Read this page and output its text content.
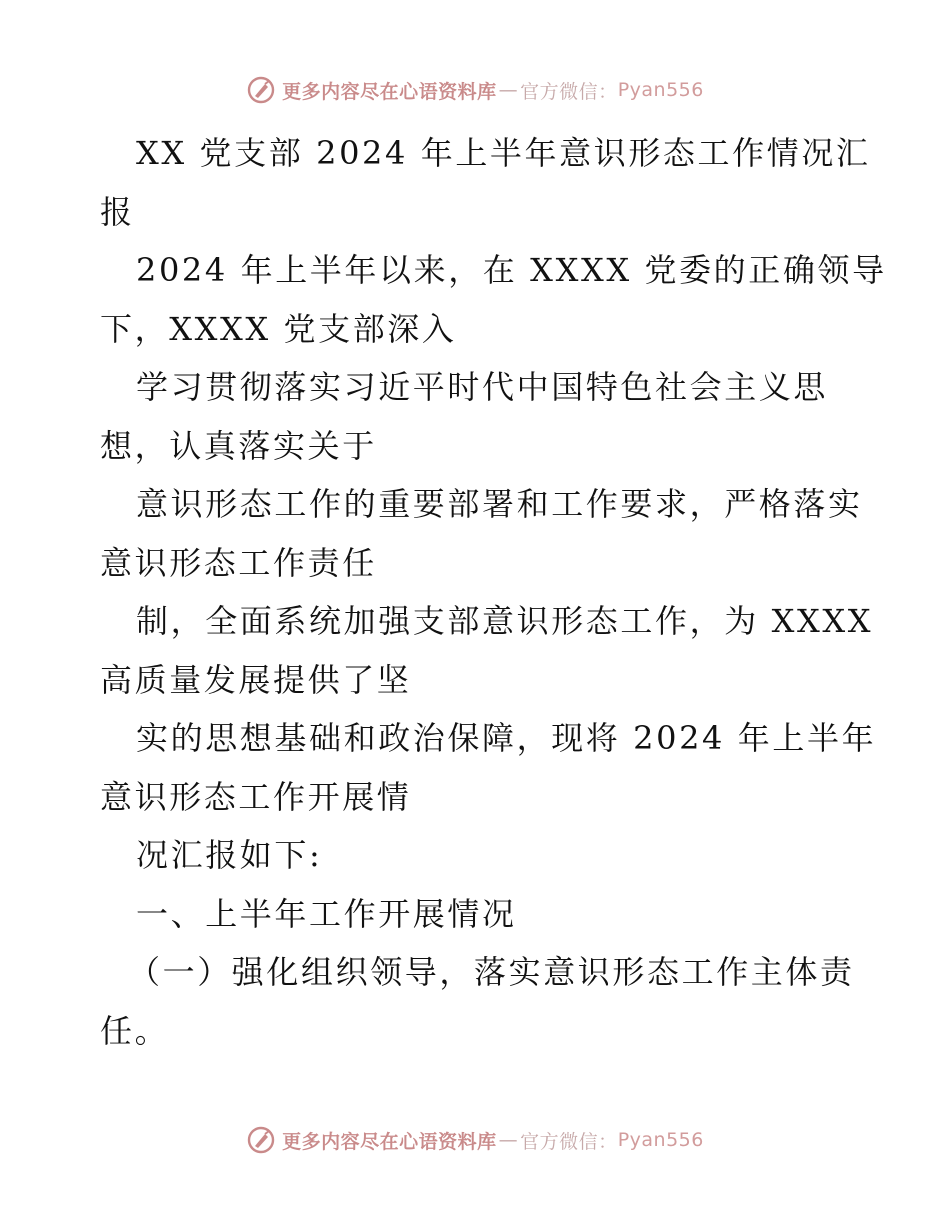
更多内容尽在心语资料库 — 官方微信： Pyan556
XX 党支部 2024 年上半年意识形态工作情况汇
报
2024 年上半年以来，在 XXXX 党委的正确领导
下，XXXX 党支部深入
学习贯彻落实习近平时代中国特色社会主义思
想，认真落实关于
意识形态工作的重要部署和工作要求，严格落实
意识形态工作责任
制，全面系统加强支部意识形态工作，为 XXXX
高质量发展提供了坚
实的思想基础和政治保障，现将 2024 年上半年
意识形态工作开展情
况汇报如下:
一、上半年工作开展情况
（一）强化组织领导，落实意识形态工作主体责
任。
更多内容尽在心语资料库 — 官方微信： Pyan556
